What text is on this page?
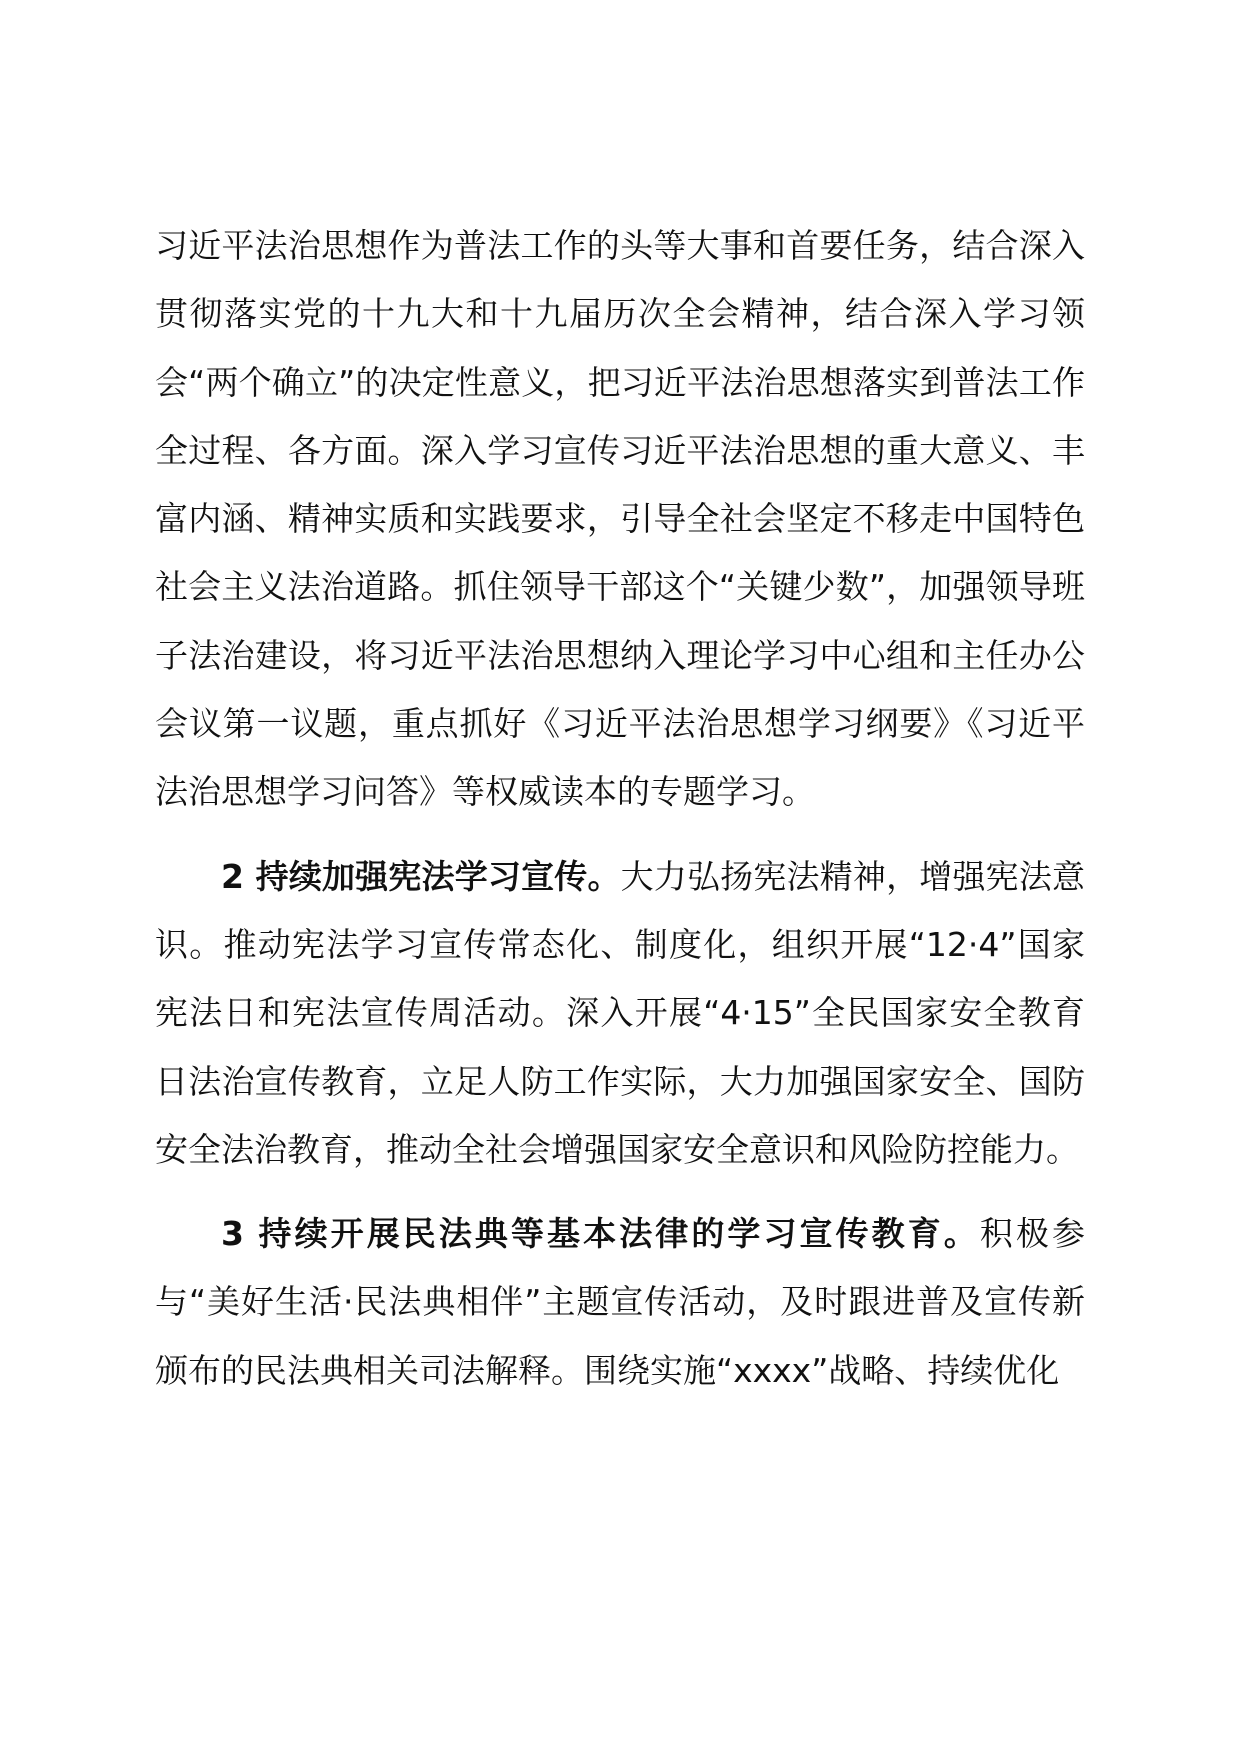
习近平法治思想作为普法工作的头等大事和首要任务，结合深入贯彻落实党的十九大和十九届历次全会精神，结合深入学习领会“两个确立”的决定性意义，把习近平法治思想落实到普法工作全过程、各方面。深入学习宣传习近平法治思想的重大意义、丰富内涵、精神实质和实践要求，引导全社会坚定不移走中国特色社会主义法治道路。抓住领导干部这个“关键少数”，加强领导班子法治建设，将习近平法治思想纳入理论学习中心组和主任办公会议第一议题，重点抓好《习近平法治思想学习纲要》《习近平法治思想学习问答》等权威读本的专题学习。

2 持续加强宪法学习宣传。大力弘扬宪法精神，增强宪法意识。推动宪法学习宣传常态化、制度化，组织开展“12·4”国家宪法日和宪法宣传周活动。深入开展“4·15”全民国家安全教育日法治宣传教育，立足人防工作实际，大力加强国家安全、国防安全法治教育，推动全社会增强国家安全意识和风险防控能力。

3 持续开展民法典等基本法律的学习宣传教育。积极参与“美好生活·民法典相伴”主题宣传活动，及时跟进普及宣传新颁布的民法典相关司法解释。围绕实施“xxxx”战略、持续优化
